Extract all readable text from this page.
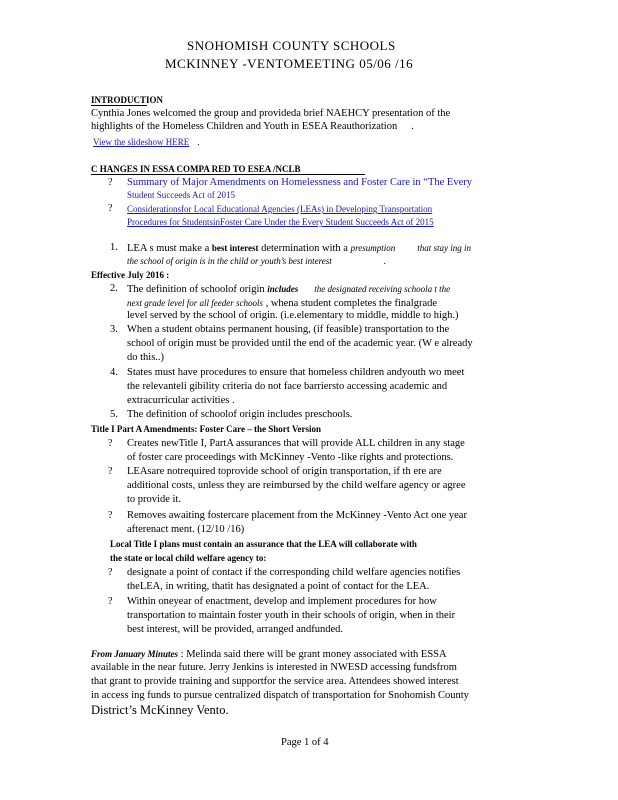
SNOHOMISH COUNTY SCHOOLS
MCKINNEY -VENTOMEETING 05/06 /16
INTRODUCTION
Cynthia Jones welcomed the group and provideda brief NAEHCY presentation of the
highlights of the Homeless Children and Youth in ESEA Reauthorization .
View the slideshow HERE .
C HANGES IN ESSA COMPA RED TO ESEA /NCLB
? Summary of Major Amendments on Homelessness and Foster Care in “The Every
Student Succeeds Act of 2015
? Considerationsfor Local Educational Agencies (LEAs) in Developing Transportation
Procedures for StudentsinFoster Care Under the Every Student Succeeds Act of 2015
1. LEA s must make a best interest determination with a presumption that stay ing in
the school of origin is in the child or youth’s best interest	.
Effective July 2016 :
2. The definition of schoolof origin includes the designated receiving schoola t the
next grade level for all feeder schools , whena student completes the finalgrade
level served by the school of origin. (i.e.elementary to middle, middle to high.)
3. When a student obtains permanent housing, (if feasible) transportation to the
school of origin must be provided until the end of the academic year. (W e already
do this..)
4. States must have procedures to ensure that homeless children andyouth wo meet
the relevanteli gibility criteria do not face barriersto accessing academic and
extracurricular activities .
5. The definition of schoolof origin includes preschools.
Title I Part A Amendments: Foster Care – the Short Version
? Creates newTitle I, PartA assurances that will provide ALL children in any stage
of foster care proceedings with McKinney -Vento -like rights and protections.
? LEAsare notrequired toprovide school of origin transportation, if th ere are
additional costs, unless they are reimbursed by the child welfare agency or agree
to provide it.
? Removes awaiting fostercare placement from the McKinney -Vento Act one year
afterenact ment. (12/10 /16)
Local Title I plans must contain an assurance that the LEA will collaborate with
the state or local child welfare agency to:
? designate a point of contact if the corresponding child welfare agencies notifies
theLEA, in writing, thatit has designated a point of contact for the LEA.
? Within oneyear of enactment, develop and implement procedures for how
transportation to maintain foster youth in their schools of origin, when in their
best interest, will be provided, arranged andfunded.
From January Minutes : Melinda said there will be grant money associated with ESSA
available in the near future. Jerry Jenkins is interested in NWESD accessing fundsfrom
that grant to provide training and supportfor the service area. Attendees showed interest
in access ing funds to pursue centralized dispatch of transportation for Snohomish County
District’s McKinney Vento.
Page 1 of 4
